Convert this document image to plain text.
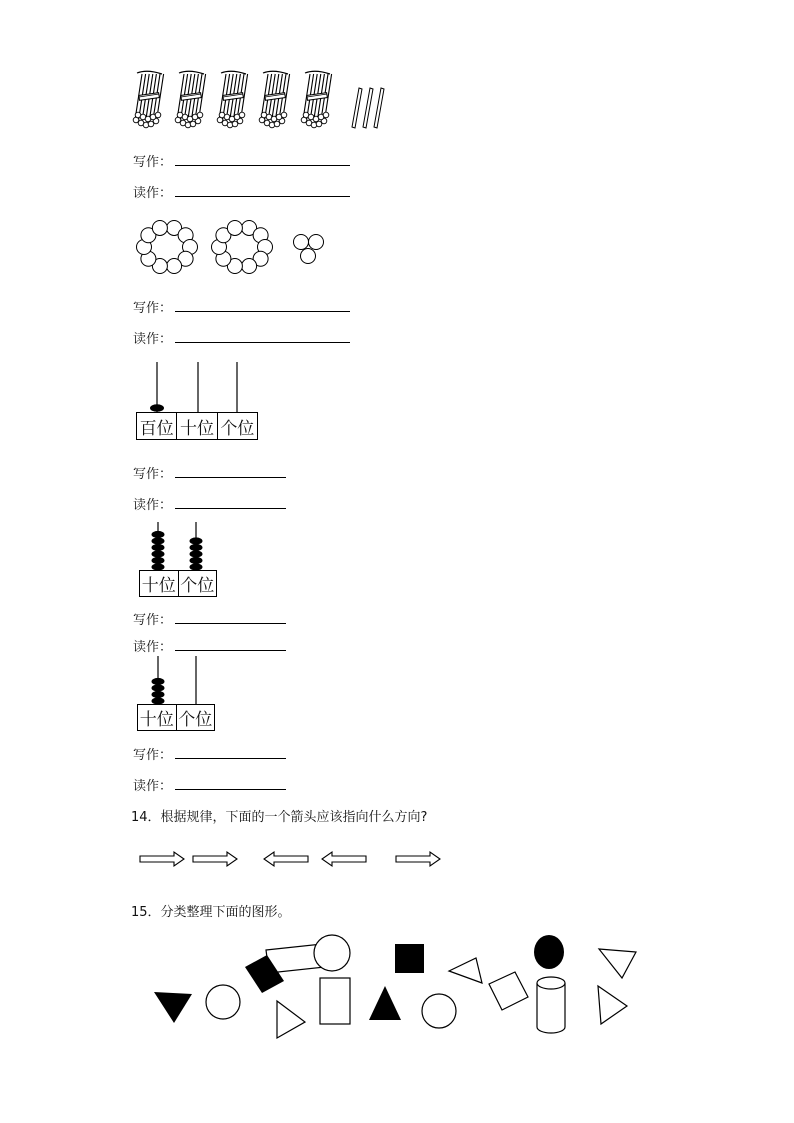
写作：
读作：
写作：
读作：
百位 十位 个位
写作：
读作：
十位 个位
写作：
读作：
十位 个位
写作：
读作：
14．根据规律，下面的一个箭头应该指向什么方向?
15．分类整理下面的图形。
